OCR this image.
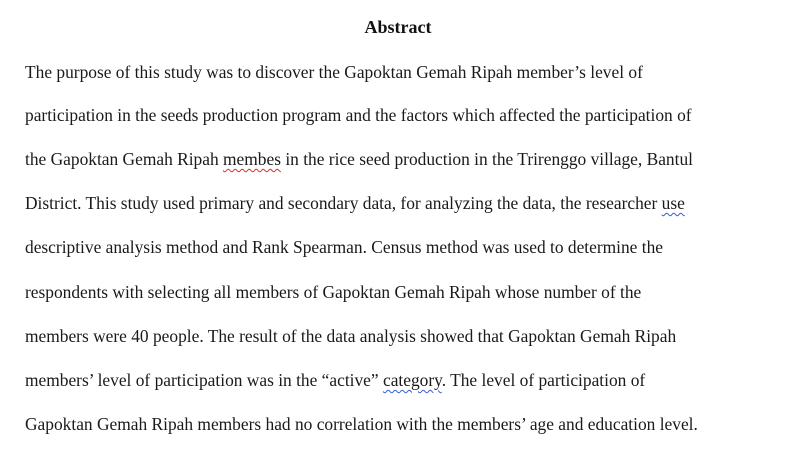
Abstract
The purpose of this study was to discover the Gapoktan Gemah Ripah member’s level of
participation in the seeds production program and the factors which affected the participation of
the Gapoktan Gemah Ripah membes in the rice seed production in the Trirenggo village, Bantul
District. This study used primary and secondary data, for analyzing the data, the researcher use
descriptive analysis method and Rank Spearman. Census method was used to determine the
respondents with selecting all members of Gapoktan Gemah Ripah whose number of the
members were 40 people. The result of the data analysis showed that Gapoktan Gemah Ripah
members’ level of participation was in the “active” category. The level of participation of
Gapoktan Gemah Ripah members had no correlation with the members’ age and education level.
